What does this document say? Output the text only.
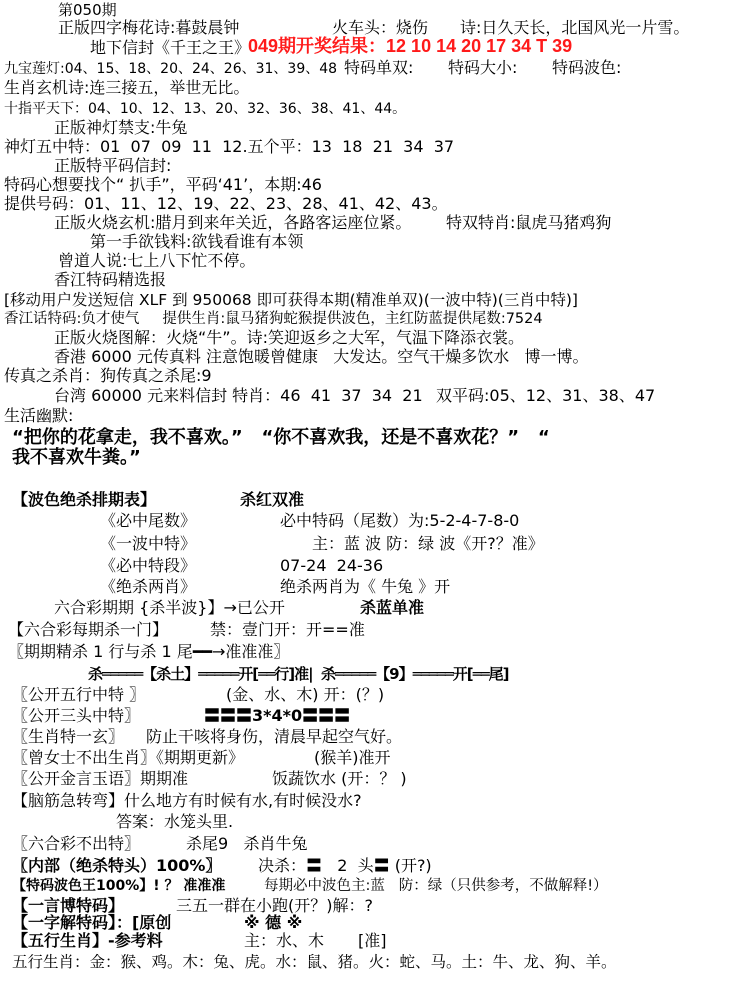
第050期
正版四字梅花诗:暮鼓晨钟	火车头：烧伤 诗:日久天长，北国风光一片雪。
地下信封《千王之王》
049期开奖结果：12 10 14 20 17 34 T 39
九宝莲灯:04、15、18、20、24、26、31、39、48 特码单双: 特码大小: 特码波色:
生肖玄机诗:连三接五，举世无比。
十指平天下：04、10、12、13、20、32、36、38、41、44。
正版神灯禁支:牛兔
神灯五中特：01  07  09  11  12.五个平：13  18  21  34  37
正版特平码信封:
特码心想要找个“ 扒手”，平码‘41’，本期:46
提供号码：01、11、12、19、22、23、28、41、42、43。
正版火烧玄机:腊月到来年关近，各路客运座位紧。 特双特肖:鼠虎马猪鸡狗
第一手欲钱料:欲钱看谁有本领
曾道人说:七上八下忙不停。
香江特码精选报
[移动用户发送短信 XLF 到 950068 即可获得本期(精准单双)(一波中特)(三肖中特)]
香江话特码:负才使气     提供生肖:鼠马猪狗蛇猴提供波色，主红防蓝提供尾数:7524
正版火烧图解：火烧“牛”。诗:笑迎返乡之大军，气温下降添衣裳。
香港 6000 元传真料 注意饱暖曾健康   大发达。空气干燥多饮水   博一博。
传真之杀肖：狗传真之杀尾:9
台湾 60000 元来料信封 特肖：46  41  37  34  21 双平码:05、12、31、38、47
生活幽默:
“把你的花拿走，我不喜欢。”   “你不喜欢我，还是不喜欢花？”   “
我不喜欢牛粪。”
【波色绝杀排期表】	杀红双准
《必中尾数》	必中特码（尾数）为:5-2-4-7-8-0
《一波中特》	主：蓝 波 防：绿 波《开?？准》
《必中特段》	07-24  24-36
《绝杀两肖》	绝杀两肖为《 牛兔 》开
六合彩期期 {杀半波}】→已公开	杀蓝单准
【六合彩每期杀一门】	禁：壹门开：开==准
〖期期精杀 1 行与杀 1 尾━━→准准准〗
杀═════【杀土】═════开[══行]准|  杀═════【9】═════开[══尾]
〖公开五行中特 〗	(金、水、木) 开：(？)
〖公开三头中特〗	〓〓〓3*4*0〓〓〓
〖生肖特一玄〗 防止干咳将身伤，清晨早起空气好。
〖曾女士不出生肖〗《期期更新》	(猴羊)准开
〖公开金言玉语〗期期准	饭蔬饮水 (开：？ )
【脑筋急转弯】什么地方有时候有水,有时候没水?
答案：水笼头里.
〖六合彩不出特〗	杀尾9   杀肖牛兔
〖内部（绝杀特头）100%〗 决杀：〓   2  头〓 (开?)
【特码波色王100%】! ？ 准准准	每期必中波色主:蓝   防：绿（只供参考，不做解释!）
【一言博特码】	三五一群在小跑(开？)解：?
【一字解特码】：[原创	※ 德 ※
【五行生肖】-参考料	主：水、木 [准]
五行生肖：金：猴、鸡。木：兔、虎。水：鼠、猪。火：蛇、马。土：牛、龙、狗、羊。
